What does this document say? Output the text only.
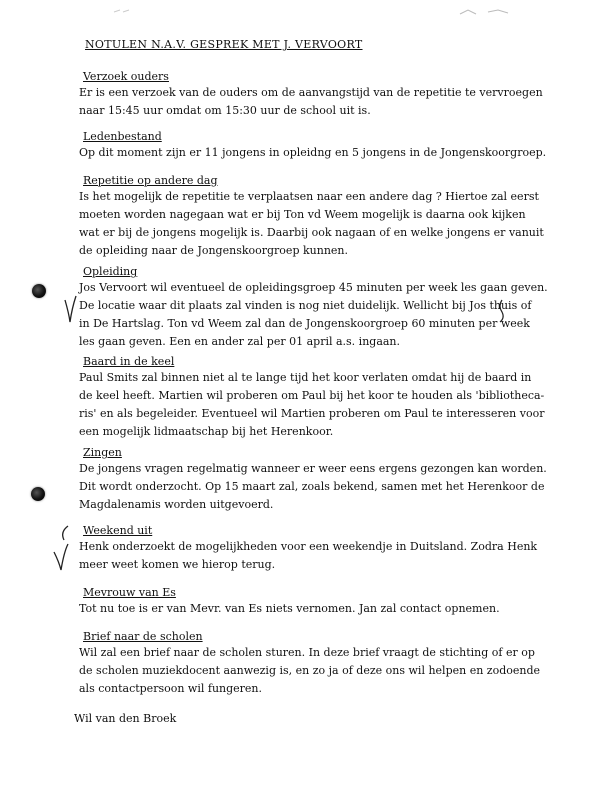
NOTULEN N.A.V. GESPREK MET J. VERVOORT
Verzoek ouders

Er is een verzoek van de ouders om de aanvangstijd van de repetitie te vervroegen

naar 15:45 uur omdat om 15:30 uur de school uit is.

Ledenbestand

Op dit moment zijn er 11 jongens in opleidng en 5 jongens in de Jongenskoorgroep.

Repetitie op andere dag

Is het mogelijk de repetitie te verplaatsen naar een andere dag ? Hiertoe zal eerst

moeten worden nagegaan wat er bij Ton vd Weem mogelijk is daarna ook kijken

wat er bij de jongens mogelijk is. Daarbij ook nagaan of en welke jongens er vanuit

de opleiding naar de Jongenskoorgroep kunnen.

Opleiding

Jos Vervoort wil eventueel de opleidingsgroep 45 minuten per week les gaan geven.

De locatie waar dit plaats zal vinden is nog niet duidelijk. Wellicht bij Jos thuis of

in De Hartslag. Ton vd Weem zal dan de Jongenskoorgroep 60 minuten per week

les gaan geven. Een en ander zal per 01 april a.s. ingaan.

Baard in de keel

Paul Smits zal binnen niet al te lange tijd het koor verlaten omdat hij de baard in

de keel heeft. Martien wil proberen om Paul bij het koor te houden als 'bibliotheca-

ris' en als begeleider. Eventueel wil Martien proberen om Paul te interesseren voor

een mogelijk lidmaatschap bij het Herenkoor.

Zingen

De jongens vragen regelmatig wanneer er weer eens ergens gezongen kan worden.

Dit wordt onderzocht. Op 15 maart zal, zoals bekend, samen met het Herenkoor de

Magdalenamis worden uitgevoerd.

Weekend uit

Henk onderzoekt de mogelijkheden voor een weekendje in Duitsland. Zodra Henk

meer weet komen we hierop terug.

Mevrouw van Es

Tot nu toe is er van Mevr. van Es niets vernomen. Jan zal contact opnemen.

Brief naar de scholen

Wil zal een brief naar de scholen sturen. In deze brief vraagt de stichting of er op

de scholen muziekdocent aanwezig is, en zo ja of deze ons wil helpen en zodoende

als contactpersoon wil fungeren.

Wil van den Broek
